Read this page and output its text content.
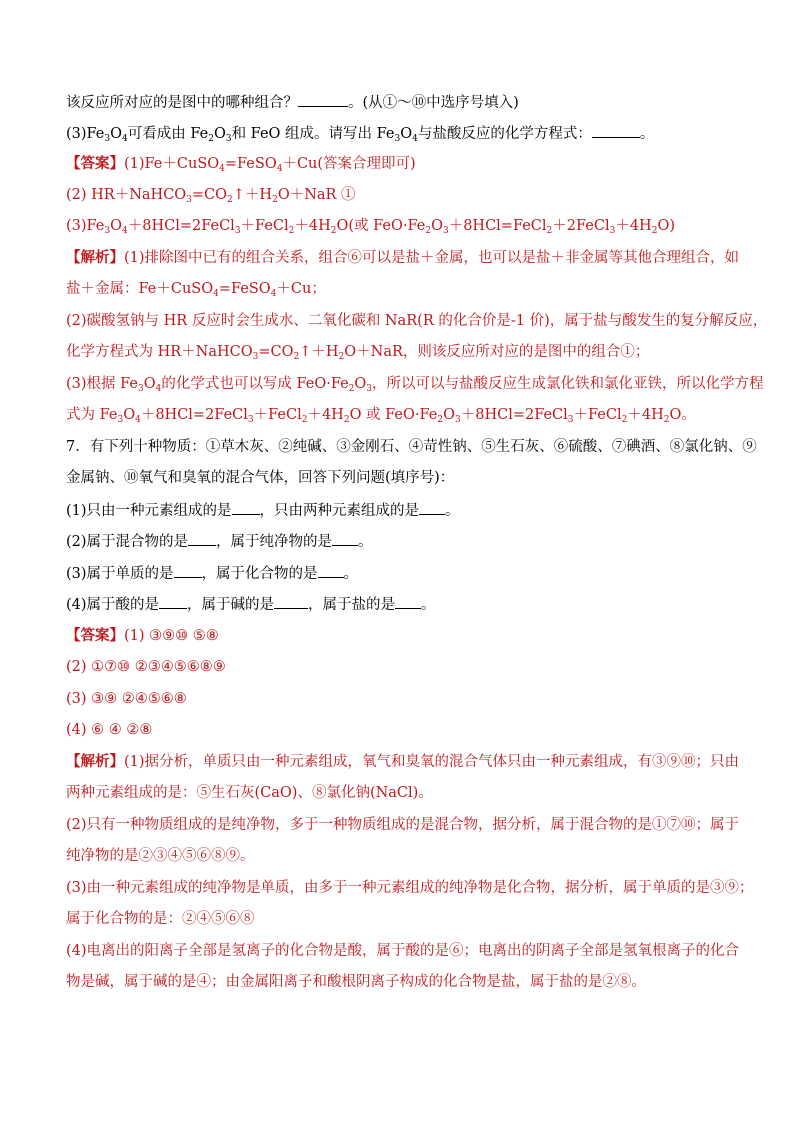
该反应所对应的是图中的哪种组合？	。(从①～⑩中选序号填入)
$(3)Fe_3O_4$可看成由 $Fe_2O_3$和 FeO 组成。请写出 $Fe_3O_4$与盐酸反应的化学方程式：	。
【答案】(1)Fe＋CuSO$_4$=FeSO$_4$＋Cu(答案合理即可)
(2) $HR+NaHCO_3=CO_2↑+H_2O+NaR$ ①
$(3)Fe_3O_4+8HCl=2FeCl_3+FeCl_2+4H_2O$(或 $FeO\cdot Fe_2O_3+8HCl=FeCl_2+2FeCl_3+4H_2O$)
【解析】(1)排除图中已有的组合关系，组合⑥可以是盐＋金属，也可以是盐＋非金属等其他合理组合，如
盐＋金属：Fe＋CuSO$_4$=FeSO$_4$＋Cu；
(2)碳酸氢钠与 HR 反应时会生成水、二氧化碳和 NaR(R 的化合价是-1 价)，属于盐与酸发生的复分解反应，
化学方程式为 $HR+NaHCO_3=CO_2↑+H_2O+NaR$，则该反应所对应的是图中的组合①；
(3)根据 $Fe_3O_4$的化学式也可以写成 $FeO\cdot Fe_2O_3$，所以可以与盐酸反应生成氯化铁和氯化亚铁，所以化学方程
式为 $Fe_3O_4+8HCl=2FeCl_3+FeCl_2+4H_2O$ 或 $FeO\cdot Fe_2O_3+8HCl=2FeCl_3+FeCl_2+4H_2O$。
7．有下列十种物质：①草木灰、②纯碱、③金刚石、④苛性钠、⑤生石灰、⑥硫酸、⑦碘酒、⑧氯化钠、⑨
金属钠、⑩氧气和臭氧的混合气体，回答下列问题(填序号)：
(1)只由一种元素组成的是 ，只由两种元素组成的是 。
(2)属于混合物的是 ，属于纯净物的是 。
(3)属于单质的是 ，属于化合物的是 。
(4)属于酸的是 ，属于碱的是 ，属于盐的是 。
【答案】(1) ③⑨⑩ ⑤⑧
(2) ①⑦⑩ ②③④⑤⑥⑧⑨
(3) ③⑨ ②④⑤⑥⑧
(4) ⑥ ④ ②⑧
【解析】(1)据分析，单质只由一种元素组成，氧气和臭氧的混合气体只由一种元素组成，有③⑨⑩；只由
两种元素组成的是：⑤生石灰(CaO)、⑧氯化钠(NaCl)。
(2)只有一种物质组成的是纯净物，多于一种物质组成的是混合物，据分析，属于混合物的是①⑦⑩；属于
纯净物的是②③④⑤⑥⑧⑨。
(3)由一种元素组成的纯净物是单质，由多于一种元素组成的纯净物是化合物，据分析，属于单质的是③⑨；
属于化合物的是：②④⑤⑥⑧
(4)电离出的阳离子全部是氢离子的化合物是酸，属于酸的是⑥；电离出的阴离子全部是氢氧根离子的化合
物是碱，属于碱的是④；由金属阳离子和酸根阴离子构成的化合物是盐，属于盐的是②⑧。
